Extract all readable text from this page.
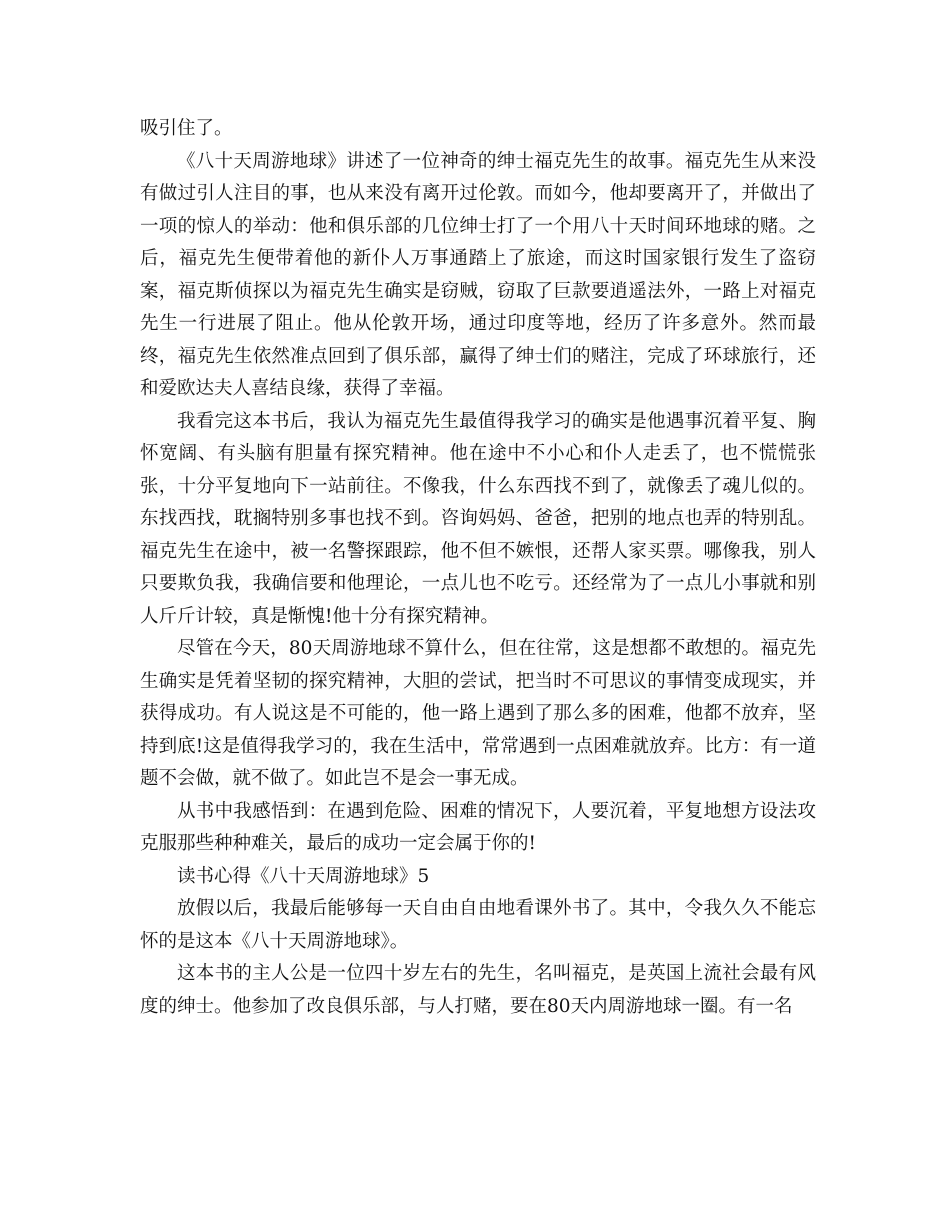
吸引住了。

《八十天周游地球》讲述了一位神奇的绅士福克先生的故事。福克先生从来没有做过引人注目的事，也从来没有离开过伦敦。而如今，他却要离开了，并做出了一项的惊人的举动：他和俱乐部的几位绅士打了一个用八十天时间环地球的赌。之后，福克先生便带着他的新仆人万事通踏上了旅途，而这时国家银行发生了盗窃案，福克斯侦探以为福克先生确实是窃贼，窃取了巨款要逍遥法外，一路上对福克先生一行进展了阻止。他从伦敦开场，通过印度等地，经历了许多意外。然而最终，福克先生依然准点回到了俱乐部，赢得了绅士们的赌注，完成了环球旅行，还和爱欧达夫人喜结良缘，获得了幸福。

我看完这本书后，我认为福克先生最值得我学习的确实是他遇事沉着平复、胸怀宽阔、有头脑有胆量有探究精神。他在途中不小心和仆人走丢了，也不慌慌张张，十分平复地向下一站前往。不像我，什么东西找不到了，就像丢了魂儿似的。东找西找，耽搁特别多事也找不到。咨询妈妈、爸爸，把别的地点也弄的特别乱。福克先生在途中，被一名警探跟踪，他不但不嫉恨，还帮人家买票。哪像我，别人只要欺负我，我确信要和他理论，一点儿也不吃亏。还经常为了一点儿小事就和别人斤斤计较，真是惭愧!他十分有探究精神。

尽管在今天，80天周游地球不算什么，但在往常，这是想都不敢想的。福克先生确实是凭着坚韧的探究精神，大胆的尝试，把当时不可思议的事情变成现实，并获得成功。有人说这是不可能的，他一路上遇到了那么多的困难，他都不放弃，坚持到底!这是值得我学习的，我在生活中，常常遇到一点困难就放弃。比方：有一道题不会做，就不做了。如此岂不是会一事无成。

从书中我感悟到：在遇到危险、困难的情况下，人要沉着，平复地想方设法攻克服那些种种难关，最后的成功一定会属于你的!

读书心得《八十天周游地球》5

放假以后，我最后能够每一天自由自由地看课外书了。其中，令我久久不能忘怀的是这本《八十天周游地球》。

这本书的主人公是一位四十岁左右的先生，名叫福克，是英国上流社会最有风度的绅士。他参加了改良俱乐部，与人打赌，要在80天内周游地球一圈。有一名
